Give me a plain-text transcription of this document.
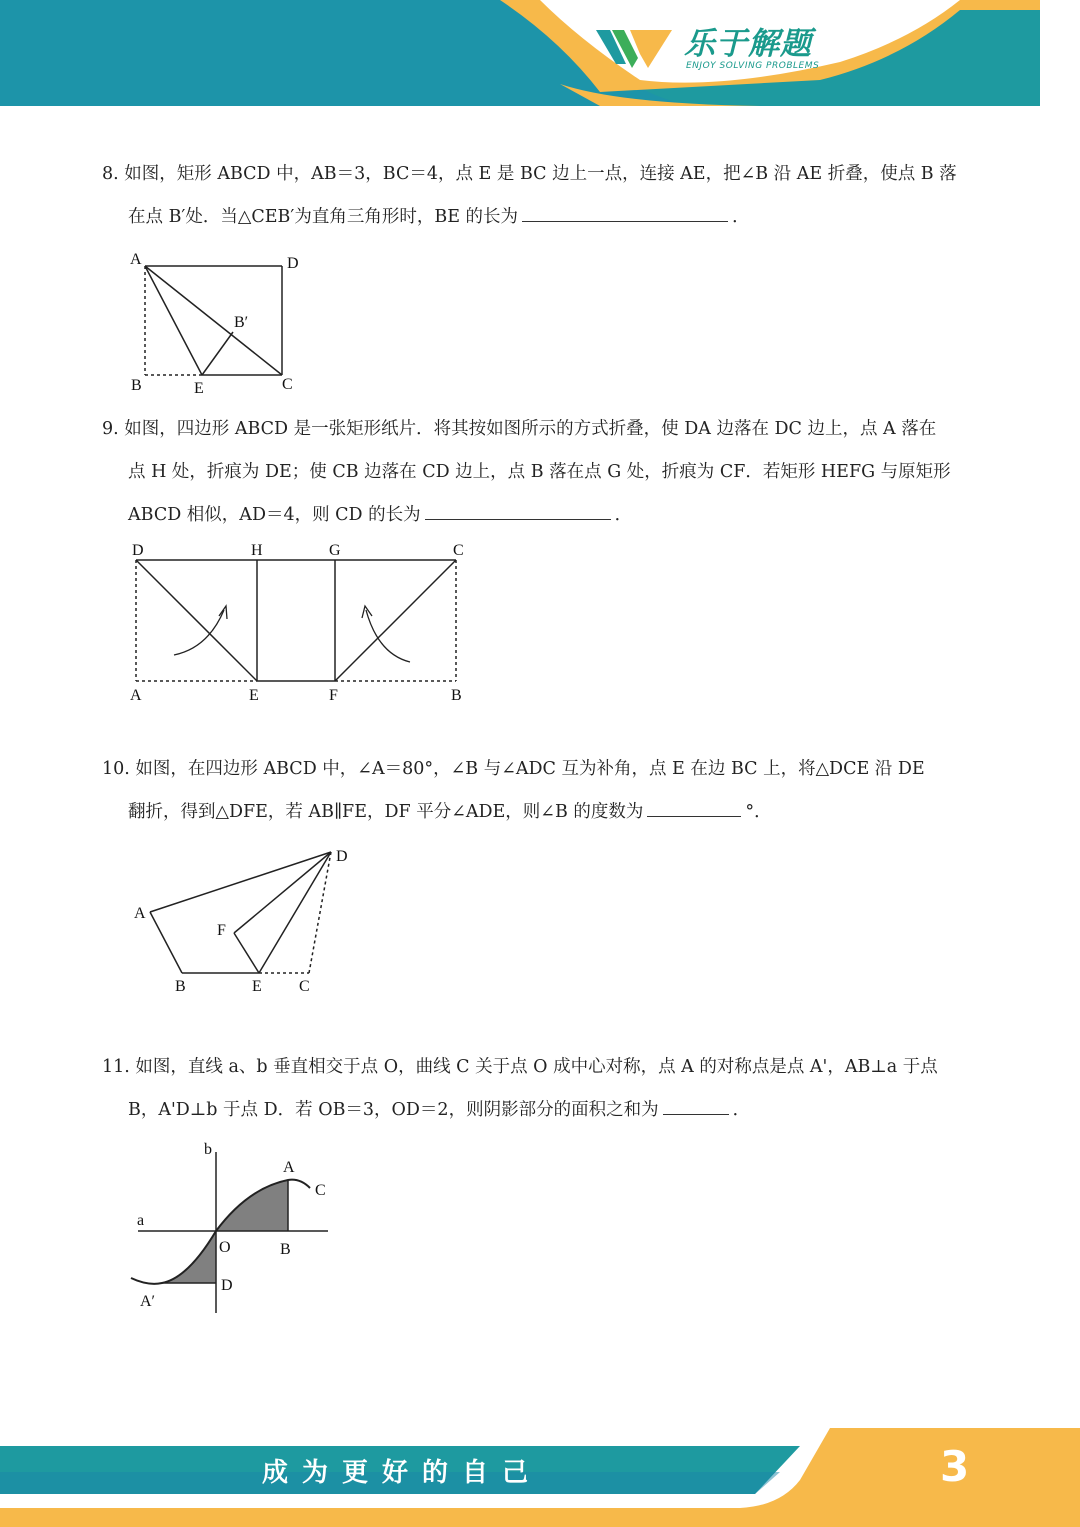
乐于解题
ENJOY SOLVING PROBLEMS
8. 如图，矩形 ABCD 中，AB＝3，BC＝4，点 E 是 BC 边上一点，连接 AE，把∠B 沿 AE 折叠，使点 B 落
在点 B′处．当△CEB′为直角三角形时，BE 的长为	．
A	D
B′
B	E	C
9. 如图，四边形 ABCD 是一张矩形纸片．将其按如图所示的方式折叠，使 DA 边落在 DC 边上，点 A 落在
点 H 处，折痕为 DE；使 CB 边落在 CD 边上，点 B 落在点 G 处，折痕为 CF．若矩形 HEFG 与原矩形
ABCD 相似，AD＝4，则 CD 的长为	．
D	H	G	C
A	E	F	B
10. 如图，在四边形 ABCD 中，∠A＝80°，∠B 与∠ADC 互为补角，点 E 在边 BC 上，将△DCE 沿 DE
翻折，得到△DFE，若 AB∥FE，DF 平分∠ADE，则∠B 的度数为	°．
D
A
F
B	E C
11. 如图，直线 a、b 垂直相交于点 O，曲线 C 关于点 O 成中心对称，点 A 的对称点是点 A'，AB⊥a 于点
B，A'D⊥b 于点 D．若 OB＝3，OD＝2，则阴影部分的面积之和为	．
b
A
C
a
O	B
D
A′
成为更好的自己	3
